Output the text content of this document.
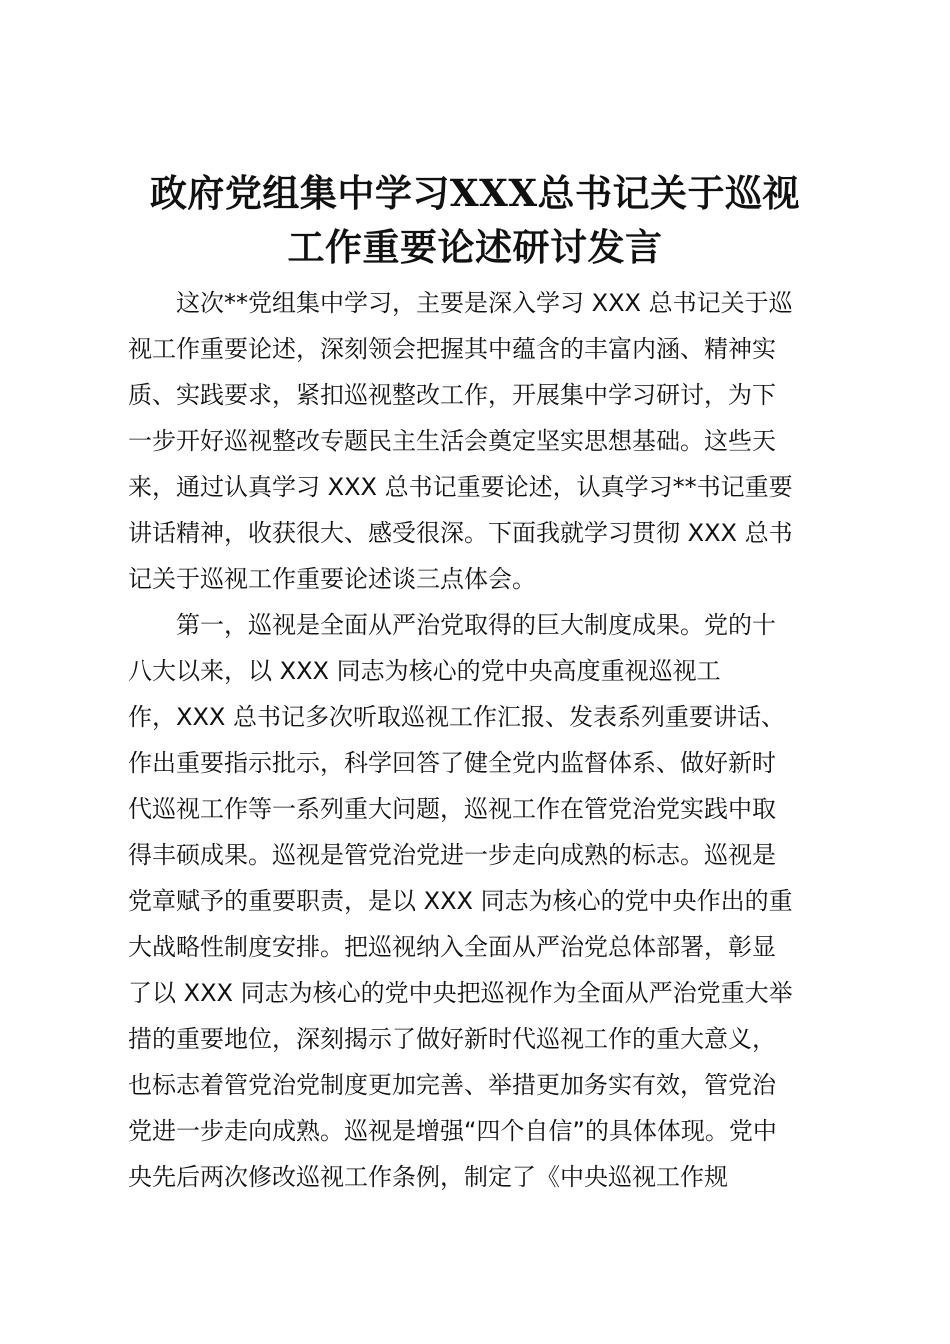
政府党组集中学习XXX总书记关于巡视
工作重要论述研讨发言
这次**党组集中学习，主要是深入学习 XXX 总书记关于巡
视工作重要论述，深刻领会把握其中蕴含的丰富内涵、精神实
质、实践要求，紧扣巡视整改工作，开展集中学习研讨，为下
一步开好巡视整改专题民主生活会奠定坚实思想基础。这些天
来，通过认真学习 XXX 总书记重要论述，认真学习**书记重要
讲话精神，收获很大、感受很深。下面我就学习贯彻 XXX 总书
记关于巡视工作重要论述谈三点体会。
第一，巡视是全面从严治党取得的巨大制度成果。党的十
八大以来，以 XXX 同志为核心的党中央高度重视巡视工
作，XXX 总书记多次听取巡视工作汇报、发表系列重要讲话、
作出重要指示批示，科学回答了健全党内监督体系、做好新时
代巡视工作等一系列重大问题，巡视工作在管党治党实践中取
得丰硕成果。巡视是管党治党进一步走向成熟的标志。巡视是
党章赋予的重要职责，是以 XXX 同志为核心的党中央作出的重
大战略性制度安排。把巡视纳入全面从严治党总体部署，彰显
了以 XXX 同志为核心的党中央把巡视作为全面从严治党重大举
措的重要地位，深刻揭示了做好新时代巡视工作的重大意义，
也标志着管党治党制度更加完善、举措更加务实有效，管党治
党进一步走向成熟。巡视是增强“四个自信”的具体体现。党中
央先后两次修改巡视工作条例，制定了《中央巡视工作规
